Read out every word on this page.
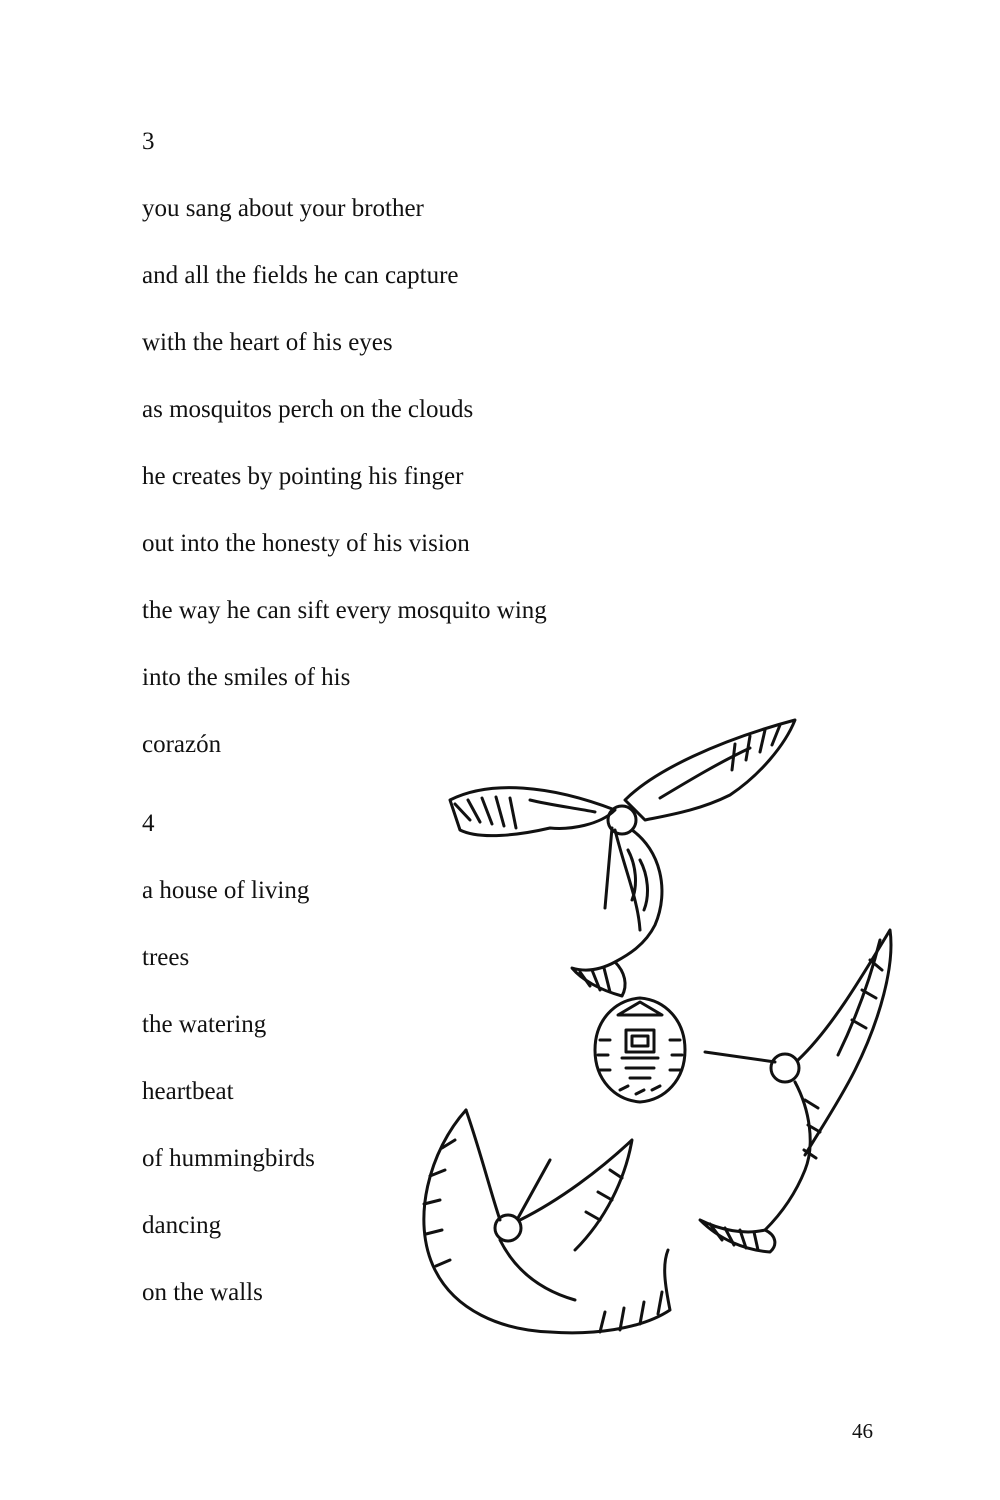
3
you sang about your brother
and all the fields he can capture
with the heart of his eyes
as mosquitos perch on the clouds
he creates by pointing his finger
out into the honesty of his vision
the way he can sift every mosquito wing
into the smiles of his
corazón
4
a house of living
trees
the watering
heartbeat
of hummingbirds
dancing
on the walls
46
